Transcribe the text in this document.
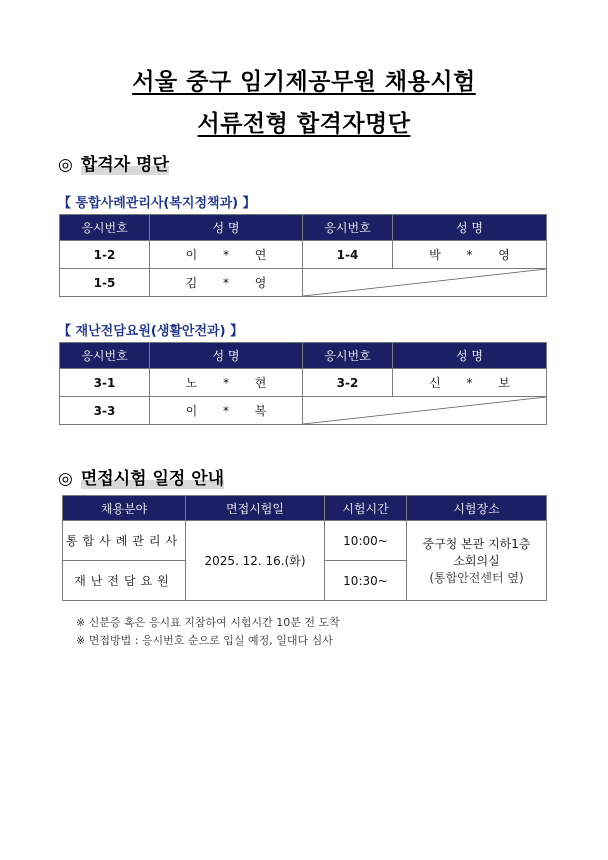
서울 중구 임기제공무원 채용시험
서류전형 합격자명단
◎ 합격자 명단
【 통합사례관리사(복지정책과) 】
응시번호	성 명	응시번호	성 명
1-2	이 * 연	1-4	박 * 영
1-5	김 * 영	
【 재난전담요원(생활안전과) 】
응시번호	성 명	응시번호	성 명
3-1	노 * 현	3-2	신 * 보
3-3	이 * 복	
◎ 면접시험 일정 안내
채용분야	면접시험일	시험시간	시험장소
통합사례관리사	2025. 12. 16.(화)	10:00~	중구청 본관 지하1층
소회의실
(통합안전센터 옆)

재난전담요원		10:30~	
※ 신분증 혹은 응시표 지참하여 시험시간 10분 전 도착
※ 면접방법 : 응시번호 순으로 입실 예정, 일대다 심사
